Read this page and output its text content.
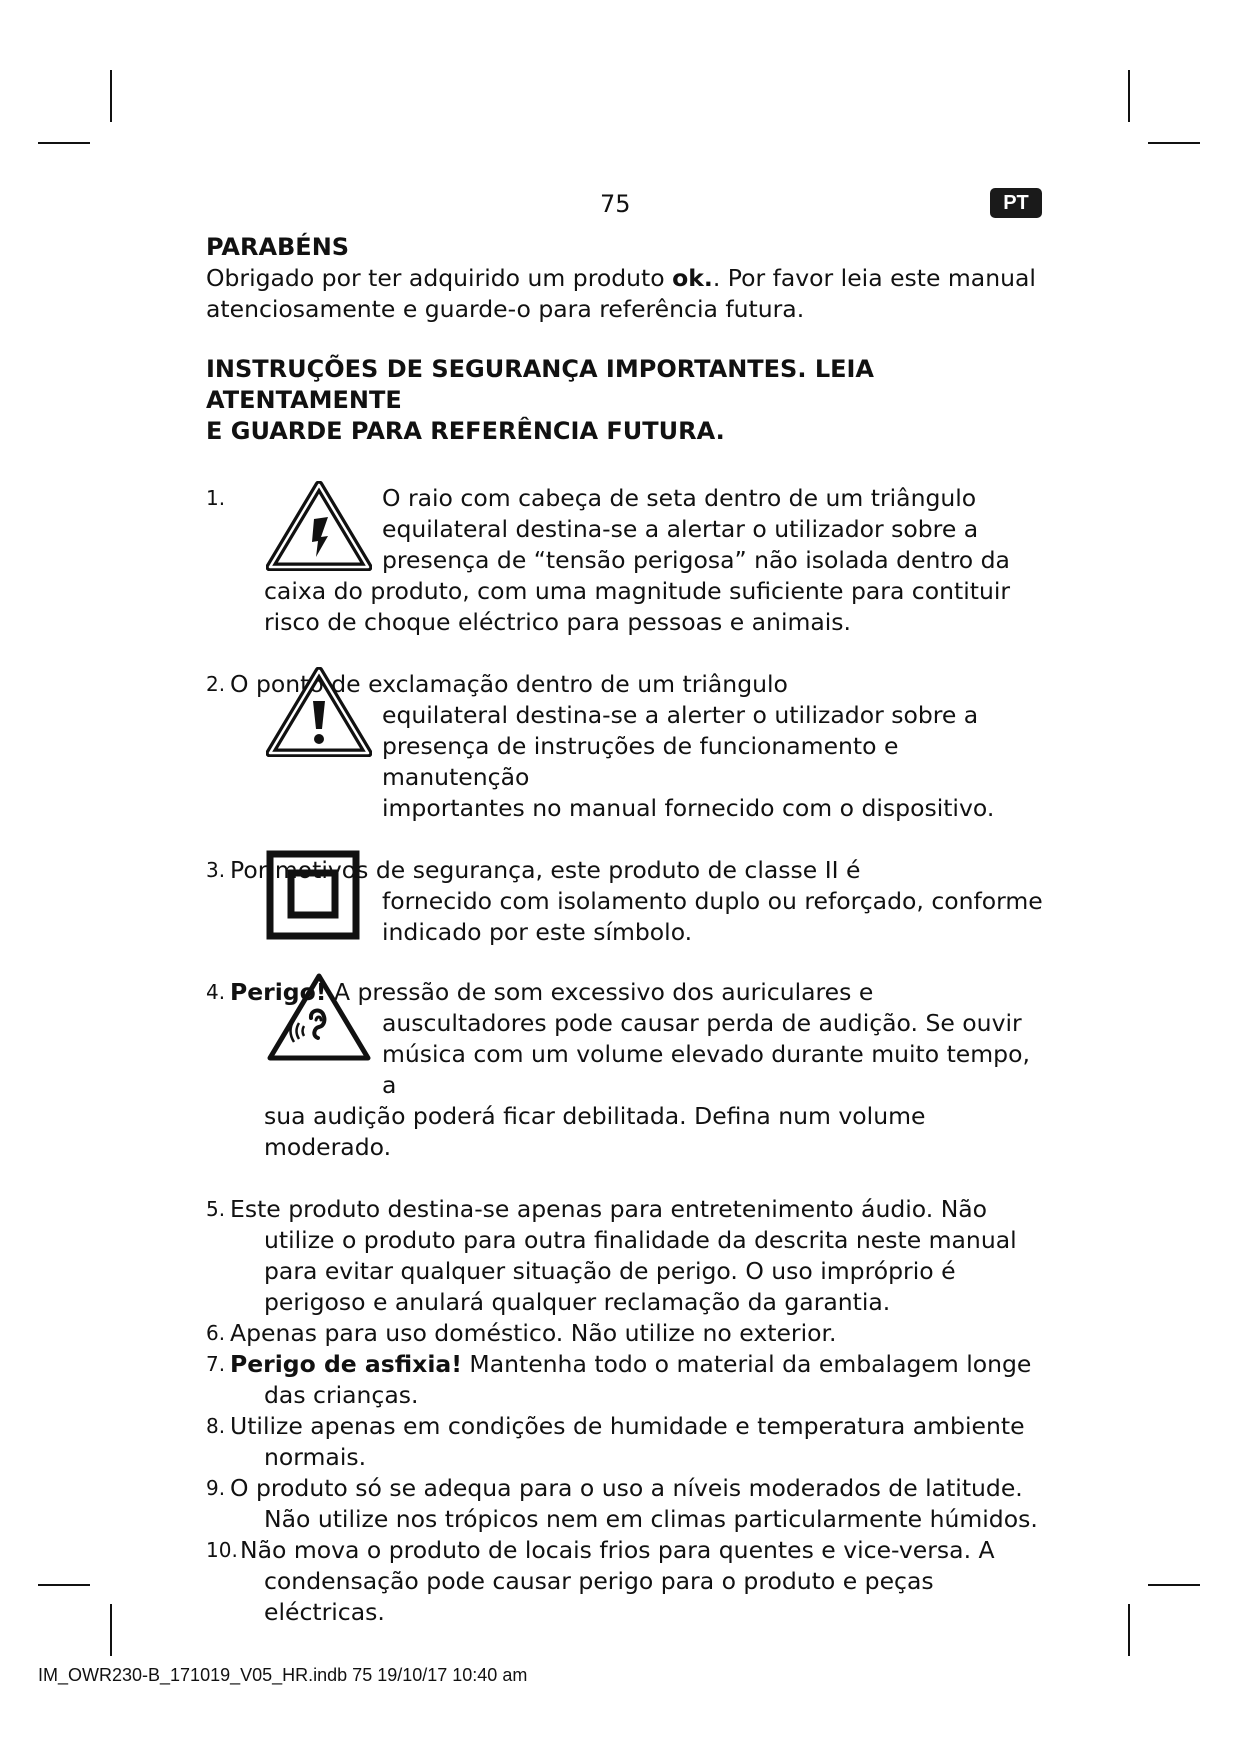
75	PT
PARABÉNS

Obrigado por ter adquirido um produto ok.. Por favor leia este manual atenciosamente e guarde-o para referência futura.

INSTRUÇÕES DE SEGURANÇA IMPORTANTES. LEIA ATENTAMENTE
E GUARDE PARA REFERÊNCIA FUTURA.
1.	O raio com cabeça de seta dentro de um triângulo
equilateral destina-se a alertar o utilizador sobre a
presença de “tensão perigosa” não isolada dentro da
caixa do produto, com uma magnitude suficiente para contituir
risco de choque eléctrico para pessoas e animais.
2. O ponto de exclamação dentro de um triângulo
equilateral destina-se a alerter o utilizador sobre a
presença de instruções de funcionamento e manutenção
importantes no manual fornecido com o dispositivo.
3. Por motivos de segurança, este produto de classe II é
fornecido com isolamento duplo ou reforçado, conforme
indicado por este símbolo.
4. Perigo! A pressão de som excessivo dos auriculares e
auscultadores pode causar perda de audição. Se ouvir
música com um volume elevado durante muito tempo, a
sua audição poderá ficar debilitada. Defina num volume moderado.
5. Este produto destina-se apenas para entretenimento áudio. Não utilize o produto para outra finalidade da descrita neste manual para evitar qualquer situação de perigo. O uso impróprio é perigoso e anulará qualquer reclamação da garantia.
6. Apenas para uso doméstico. Não utilize no exterior.
7. Perigo de asfixia! Mantenha todo o material da embalagem longe das crianças.
8. Utilize apenas em condições de humidade e temperatura ambiente normais.
9. O produto só se adequa para o uso a níveis moderados de latitude. Não utilize nos trópicos nem em climas particularmente húmidos.
10. Não mova o produto de locais frios para quentes e vice-versa. A condensação pode causar perigo para o produto e peças eléctricas.
IM_OWR230-B_171019_V05_HR.indb 75 19/10/17 10:40 am
